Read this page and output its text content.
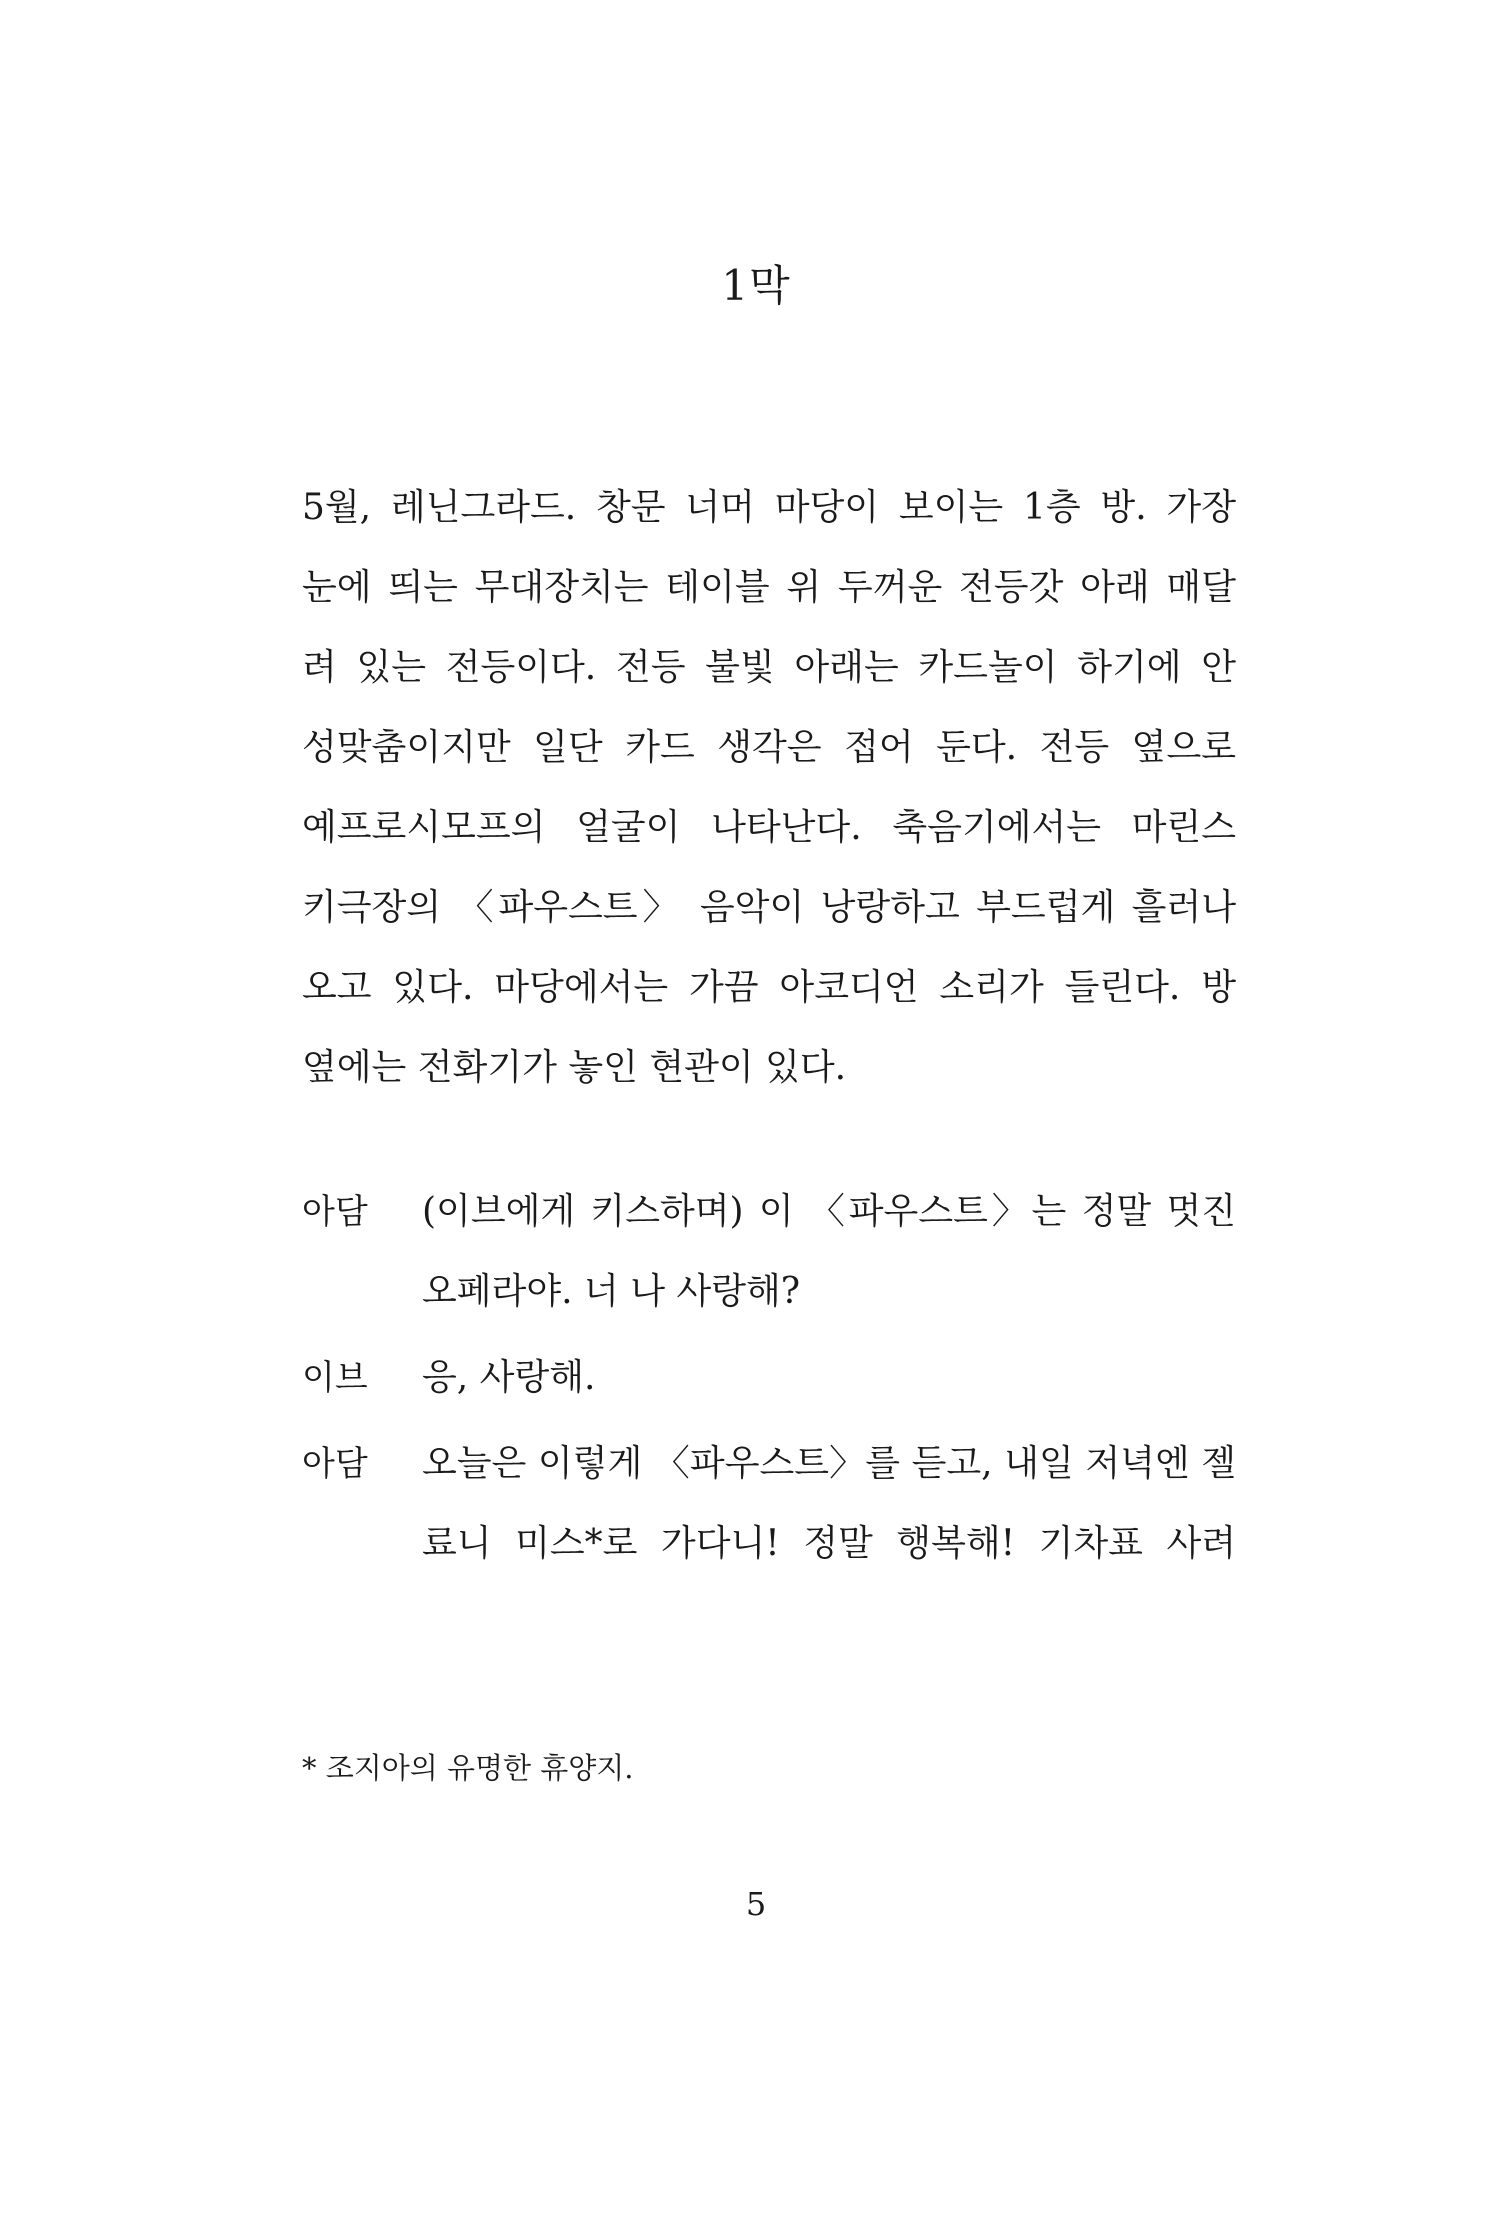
1막
5월, 레닌그라드. 창문 너머 마당이 보이는 1층 방. 가장
눈에 띄는 무대장치는 테이블 위 두꺼운 전등갓 아래 매달
려 있는 전등이다. 전등 불빛 아래는 카드놀이 하기에 안
성맞춤이지만 일단 카드 생각은 접어 둔다. 전등 옆으로
예프로시모프의 얼굴이 나타난다. 축음기에서는 마린스
키극장의 〈파우스트〉 음악이 낭랑하고 부드럽게 흘러나
오고 있다. 마당에서는 가끔 아코디언 소리가 들린다. 방
옆에는 전화기가 놓인 현관이 있다.
아담	(이브에게 키스하며) 이 〈파우스트〉는 정말 멋진
오페라야. 너 나 사랑해?
이브	응, 사랑해.
아담	오늘은 이렇게 〈파우스트〉를 듣고, 내일 저녁엔 젤
료니 미스*로 가다니! 정말 행복해! 기차표 사려
* 조지아의 유명한 휴양지.
5
